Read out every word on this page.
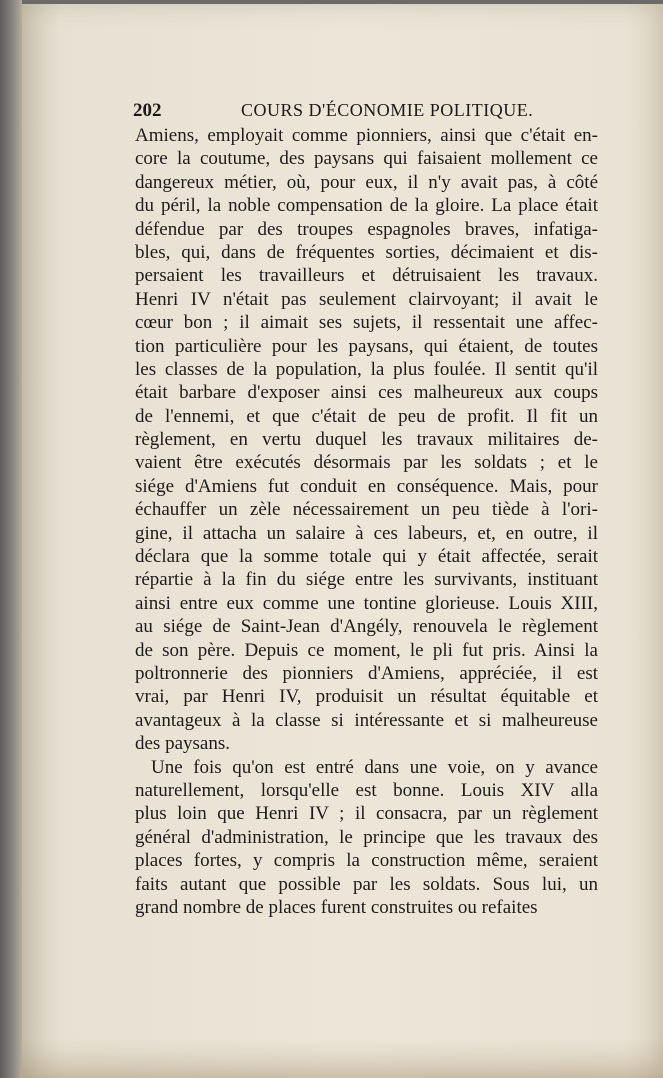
202	COURS D'ÉCONOMIE POLITIQUE.
Amiens, employait comme pionniers, ainsi que c'était en-
core la coutume, des paysans qui faisaient mollement ce
dangereux métier, où, pour eux, il n'y avait pas, à côté
du péril, la noble compensation de la gloire. La place était
défendue par des troupes espagnoles braves, infatiga-
bles, qui, dans de fréquentes sorties, décimaient et dis-
persaient les travailleurs et détruisaient les travaux.
Henri IV n'était pas seulement clairvoyant; il avait le
cœur bon ; il aimait ses sujets, il ressentait une affec-
tion particulière pour les paysans, qui étaient, de toutes
les classes de la population, la plus foulée. Il sentit qu'il
était barbare d'exposer ainsi ces malheureux aux coups
de l'ennemi, et que c'était de peu de profit. Il fit un
règlement, en vertu duquel les travaux militaires de-
vaient être exécutés désormais par les soldats ; et le
siége d'Amiens fut conduit en conséquence. Mais, pour
échauffer un zèle nécessairement un peu tiède à l'ori-
gine, il attacha un salaire à ces labeurs, et, en outre, il
déclara que la somme totale qui y était affectée, serait
répartie à la fin du siége entre les survivants, instituant
ainsi entre eux comme une tontine glorieuse. Louis XIII,
au siége de Saint-Jean d'Angély, renouvela le règlement
de son père. Depuis ce moment, le pli fut pris. Ainsi la
poltronnerie des pionniers d'Amiens, appréciée, il est
vrai, par Henri IV, produisit un résultat équitable et
avantageux à la classe si intéressante et si malheureuse
des paysans.
Une fois qu'on est entré dans une voie, on y avance
naturellement, lorsqu'elle est bonne. Louis XIV alla
plus loin que Henri IV ; il consacra, par un règlement
général d'administration, le principe que les travaux des
places fortes, y compris la construction même, seraient
faits autant que possible par les soldats. Sous lui, un
grand nombre de places furent construites ou refaites
